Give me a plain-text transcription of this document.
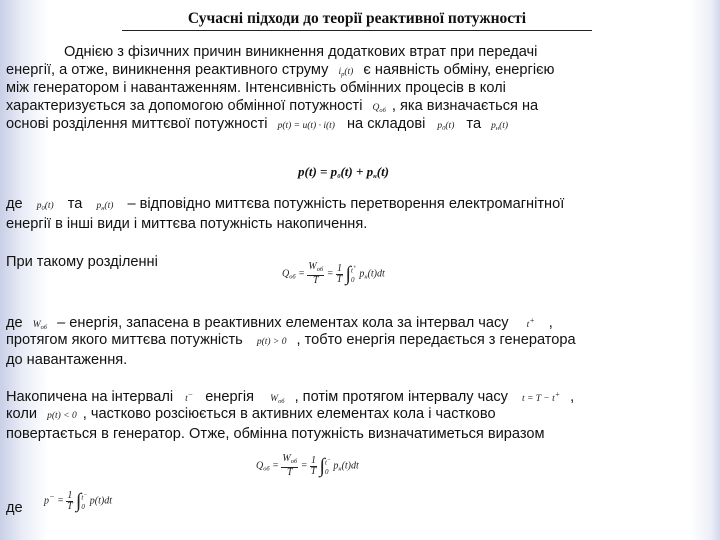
Сучасні підходи до теорії реактивної потужності
Однією з фізичних причин виникнення додаткових втрат при передачі
енергії, а отже, виникнення реактивного струму $i_р(t)$ є наявність обміну, енергією
між генератором і навантаженням. Інтенсивність обмінних процесів в колі
характеризується за допомогою обмінної потужності $Q_{об}$ , яка визначається на
основі розділення миттєвої потужності p(t) = u(t) · i(t) на складові $p_0(t)$ та $p_н(t)$
$p(t) = p_0(t) + p_н(t)$
де $p_0(t)$ та $p_н(t)$ – відповідно миттєва потужність перетворення електромагнітної
енергії в інші види і миттєва потужність накопичення.
При такому розділенні
$Q_{об} = \frac{W_{об}}{T} = \frac{1}{T}$ ∫ t+
0
$p_н(t)dt$
де $W_{об}$ – енергія, запасена в реактивних елементах кола за інтервал часу t+ ,
протягом якого миттєва потужність p(t) > 0 , тобто енергія передається з генератора
до навантаження.
Накопичена на інтервалі t− енергія $W_{об}$ , потім протягом інтервалу часу t = T − t+ ,
коли p(t) < 0 , частково розсіюється в активних елементах кола і частково
повертається в генератор. Отже, обмінна потужність визначатиметься виразом
$Q_{об} = \frac{W_{об}}{T} = \frac{1}{T}$ ∫ t−
0
$p_н(t)dt$
де	$p^- = \frac{1}{T}$ ∫ t−
0
p(t)dt
